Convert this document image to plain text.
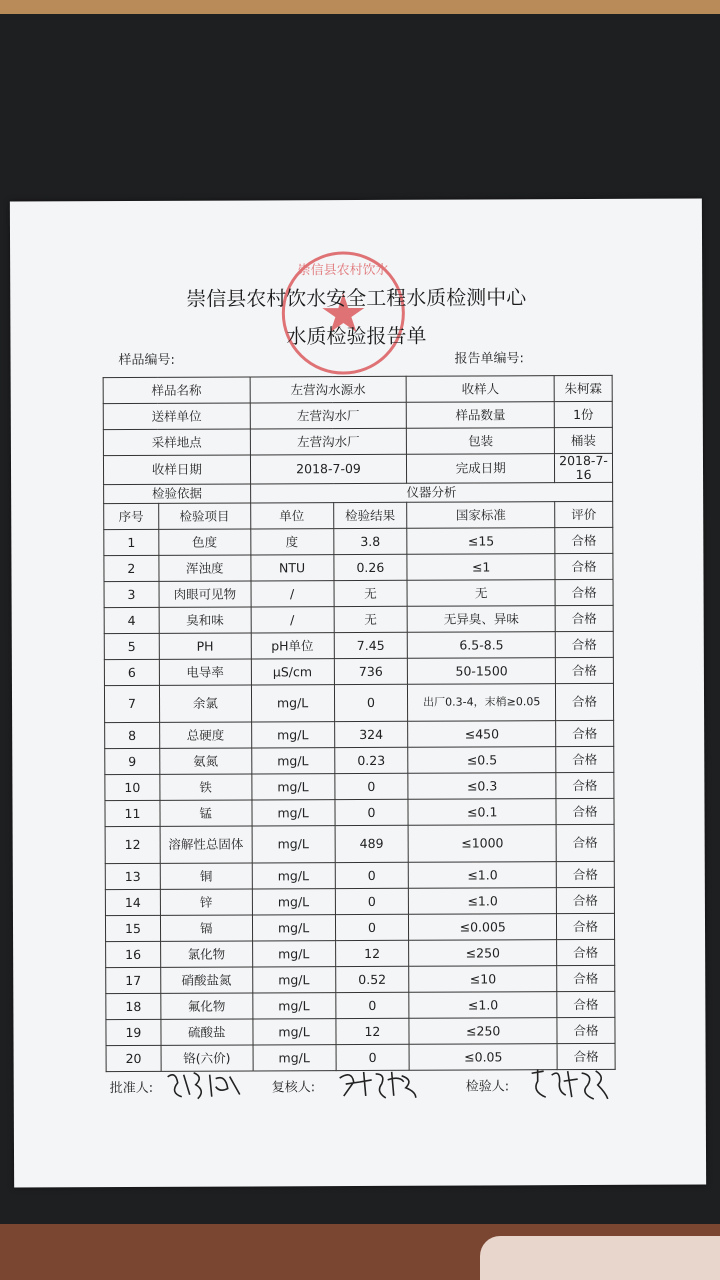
崇信县农村饮水
崇信县农村饮水安全工程水质检测中心
水质检验报告单
样品编号:	报告单编号:
样品名称		左营沟水源水		收样人	朱柯霖
送样单位		左营沟水厂		样品数量	1份
采样地点		左营沟水厂		包装	桶装
收样日期		2018-7-09		完成日期	2018-7-16
检验依据		仪器分析			
序号	检验项目	单位	检验结果	国家标准	评价
1	色度	度	3.8	≤15	合格
2	浑浊度	NTU	0.26	≤1	合格
3	肉眼可见物	/	无	无	合格
4	臭和味	/	无	无异臭、异味	合格
5	PH	pH单位	7.45	6.5-8.5	合格
6	电导率	μS/cm	736	50-1500	合格
7	余氯	mg/L	0	出厂0.3-4，末梢≥0.05	合格
8	总硬度	mg/L	324	≤450	合格
9	氨氮	mg/L	0.23	≤0.5	合格
10	铁	mg/L	0	≤0.3	合格
11	锰	mg/L	0	≤0.1	合格
12	溶解性总固体	mg/L	489	≤1000	合格
13	铜	mg/L	0	≤1.0	合格
14	锌	mg/L	0	≤1.0	合格
15	镉	mg/L	0	≤0.005	合格
16	氯化物	mg/L	12	≤250	合格
17	硝酸盐氮	mg/L	0.52	≤10	合格
18	氟化物	mg/L	0	≤1.0	合格
19	硫酸盐	mg/L	12	≤250	合格
20	铬(六价)	mg/L	0	≤0.05	合格
批准人:	复核人:	检验人:
